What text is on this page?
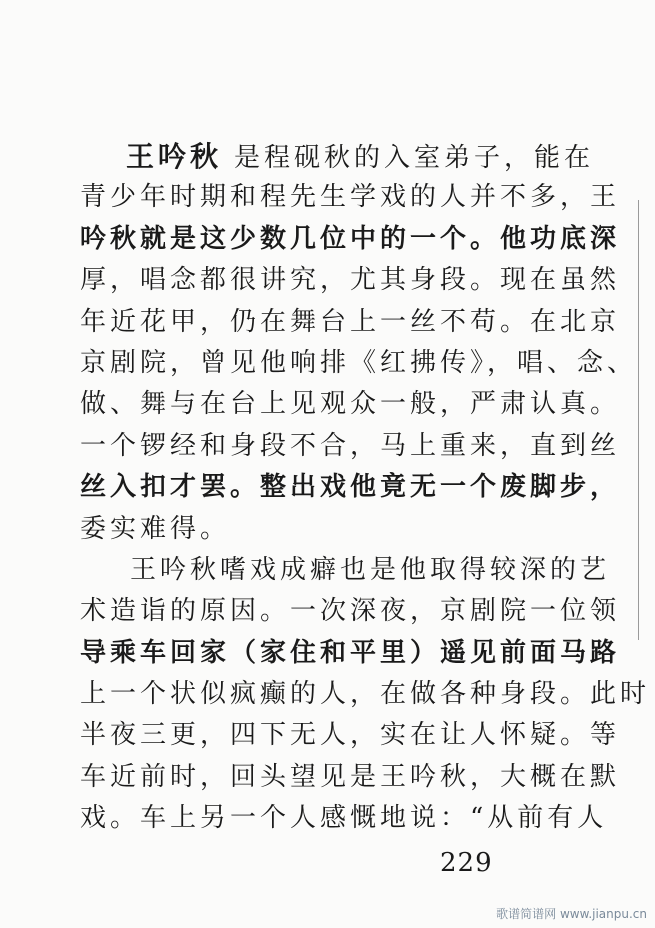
王吟秋 是程砚秋的入室弟子，能在
青少年时期和程先生学戏的人并不多，王
吟秋就是这少数几位中的一个。他功底深
厚，唱念都很讲究，尤其身段。现在虽然
年近花甲，仍在舞台上一丝不苟。在北京
京剧院，曾见他响排《红拂传》，唱、念、
做、舞与在台上见观众一般，严肃认真。
一个锣经和身段不合，马上重来，直到丝
丝入扣才罢。整出戏他竟无一个废脚步，
委实难得。
王吟秋嗜戏成癖也是他取得较深的艺
术造诣的原因。一次深夜，京剧院一位领
导乘车回家（家住和平里）遥见前面马路
上一个状似疯癫的人，在做各种身段。此时
半夜三更，四下无人，实在让人怀疑。等
车近前时，回头望见是王吟秋，大概在默
戏。车上另一个人感慨地说：“从前有人
229
歌谱简谱网 www.jianpu.cn
